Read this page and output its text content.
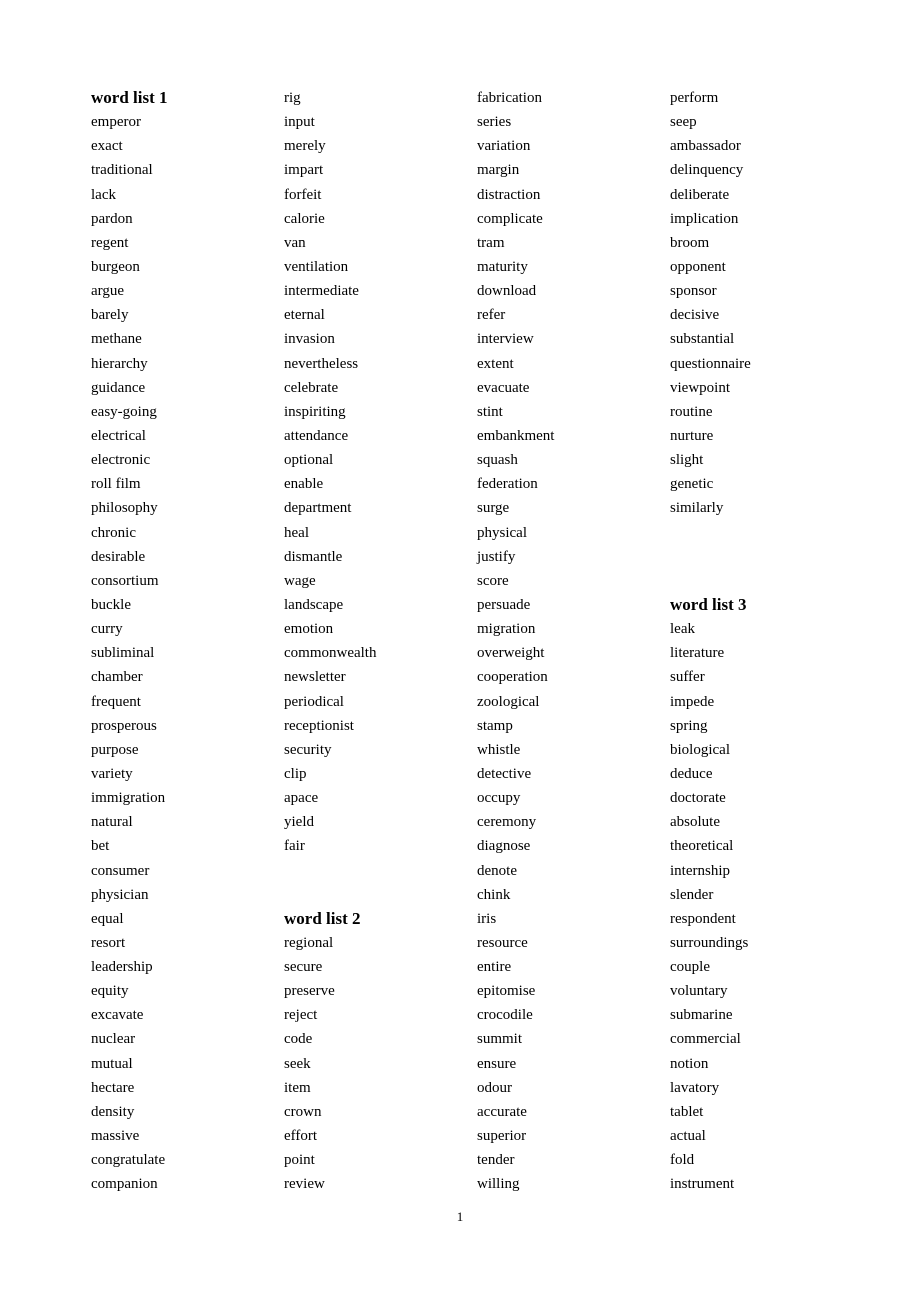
word list 1
emperor
exact
traditional
lack
pardon
regent
burgeon
argue
barely
methane
hierarchy
guidance
easy-going
electrical
electronic
roll film
philosophy
chronic
desirable
consortium
buckle
curry
subliminal
chamber
frequent
prosperous
purpose
variety
immigration
natural
bet
consumer
physician
equal
resort
leadership
equity
excavate
nuclear
mutual
hectare
density
massive
congratulate
companion
rig
input
merely
impart
forfeit
calorie
van
ventilation
intermediate
eternal
invasion
nevertheless
celebrate
inspiriting
attendance
optional
enable
department
heal
dismantle
wage
landscape
emotion
commonwealth
newsletter
periodical
receptionist
security
clip
apace
yield
fair
word list 2
regional
secure
preserve
reject
code
seek
item
crown
effort
point
review
fabrication
series
variation
margin
distraction
complicate
tram
maturity
download
refer
interview
extent
evacuate
stint
embankment
squash
federation
surge
physical
justify
score
persuade
migration
overweight
cooperation
zoological
stamp
whistle
detective
occupy
ceremony
diagnose
denote
chink
iris
resource
entire
epitomise
crocodile
summit
ensure
odour
accurate
superior
tender
willing
perform
seep
ambassador
delinquency
deliberate
implication
broom
opponent
sponsor
decisive
substantial
questionnaire
viewpoint
routine
nurture
slight
genetic
similarly
word list 3
leak
literature
suffer
impede
spring
biological
deduce
doctorate
absolute
theoretical
internship
slender
respondent
surroundings
couple
voluntary
submarine
commercial
notion
lavatory
tablet
actual
fold
instrument
1
